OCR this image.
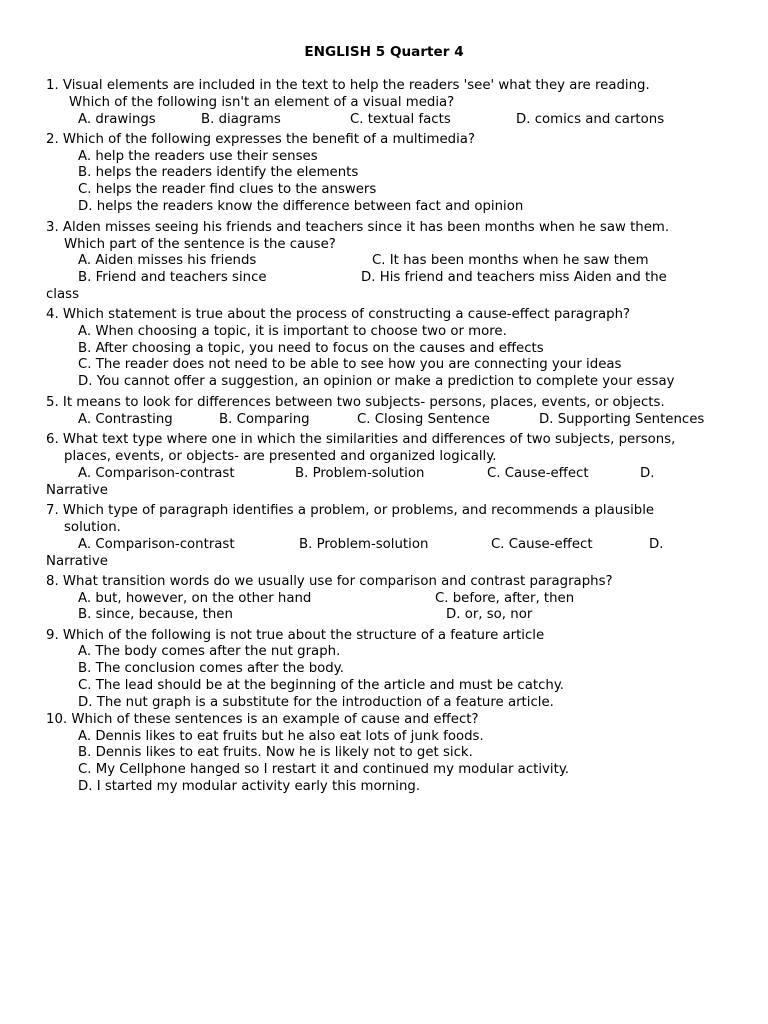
ENGLISH 5 Quarter 4
1. Visual elements are included in the text to help the readers 'see' what they are reading.
Which of the following isn't an element of a visual media?
A. drawings	B. diagrams	C. textual facts	D. comics and cartons
2. Which of the following expresses the benefit of a multimedia?
A. help the readers use their senses
B. helps the readers identify the elements
C. helps the reader find clues to the answers
D. helps the readers know the difference between fact and opinion
3. Alden misses seeing his friends and teachers since it has been months when he saw them.
Which part of the sentence is the cause?
A. Aiden misses his friends	C. It has been months when he saw them
B. Friend and teachers since	D. His friend and teachers miss Aiden and the
class
4. Which statement is true about the process of constructing a cause-effect paragraph?
A. When choosing a topic, it is important to choose two or more.
B. After choosing a topic, you need to focus on the causes and effects
C. The reader does not need to be able to see how you are connecting your ideas
D. You cannot offer a suggestion, an opinion or make a prediction to complete your essay
5. It means to look for differences between two subjects- persons, places, events, or objects.
A. Contrasting	B. Comparing	C. Closing Sentence	D. Supporting Sentences
6. What text type where one in which the similarities and differences of two subjects, persons,
places, events, or objects- are presented and organized logically.
A. Comparison-contrast	B. Problem-solution	C. Cause-effect	D.
Narrative
7. Which type of paragraph identifies a problem, or problems, and recommends a plausible
solution.
A. Comparison-contrast	B. Problem-solution	C. Cause-effect	D.
Narrative
8. What transition words do we usually use for comparison and contrast paragraphs?
A. but, however, on the other hand	C. before, after, then
B. since, because, then	D. or, so, nor
9. Which of the following is not true about the structure of a feature article
A. The body comes after the nut graph.
B. The conclusion comes after the body.
C. The lead should be at the beginning of the article and must be catchy.
D. The nut graph is a substitute for the introduction of a feature article.
10. Which of these sentences is an example of cause and effect?
A. Dennis likes to eat fruits but he also eat lots of junk foods.
B. Dennis likes to eat fruits. Now he is likely not to get sick.
C. My Cellphone hanged so I restart it and continued my modular activity.
D. I started my modular activity early this morning.
